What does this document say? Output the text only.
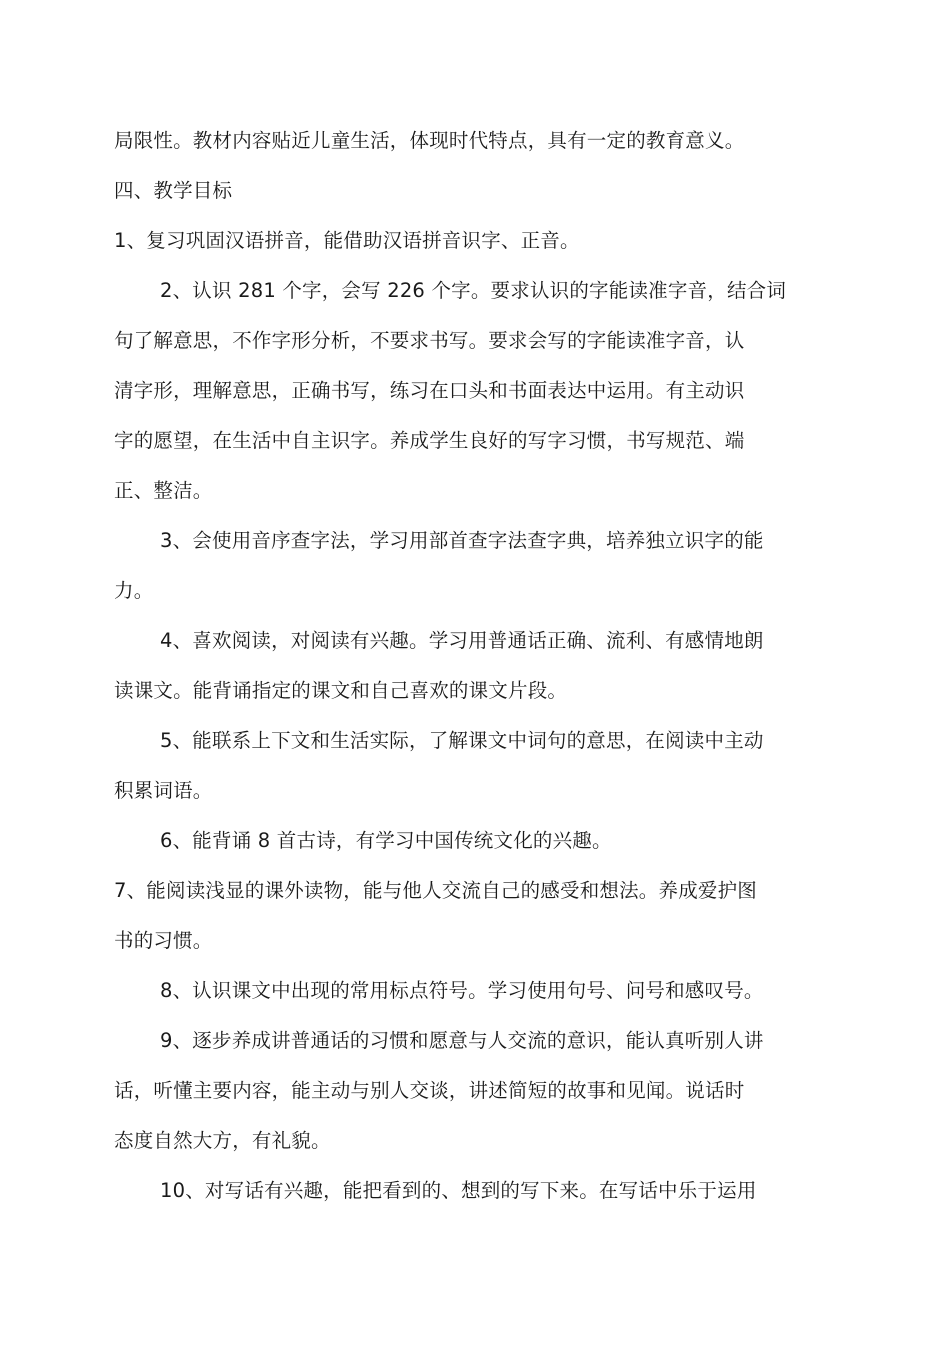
局限性。教材内容贴近儿童生活，体现时代特点，具有一定的教育意义。
四、教学目标
1、复习巩固汉语拼音，能借助汉语拼音识字、正音。
2、认识 281 个字，会写 226 个字。要求认识的字能读准字音，结合词
句了解意思，不作字形分析，不要求书写。要求会写的字能读准字音，认
清字形，理解意思，正确书写，练习在口头和书面表达中运用。有主动识
字的愿望，在生活中自主识字。养成学生良好的写字习惯，书写规范、端
正、整洁。
3、会使用音序查字法，学习用部首查字法查字典，培养独立识字的能
力。
4、喜欢阅读，对阅读有兴趣。学习用普通话正确、流利、有感情地朗
读课文。能背诵指定的课文和自己喜欢的课文片段。
5、能联系上下文和生活实际，了解课文中词句的意思，在阅读中主动
积累词语。
6、能背诵 8 首古诗，有学习中国传统文化的兴趣。
7、能阅读浅显的课外读物，能与他人交流自己的感受和想法。养成爱护图
书的习惯。
8、认识课文中出现的常用标点符号。学习使用句号、问号和感叹号。
9、逐步养成讲普通话的习惯和愿意与人交流的意识，能认真听别人讲
话，听懂主要内容，能主动与别人交谈，讲述简短的故事和见闻。说话时
态度自然大方，有礼貌。
10、对写话有兴趣，能把看到的、想到的写下来。在写话中乐于运用
